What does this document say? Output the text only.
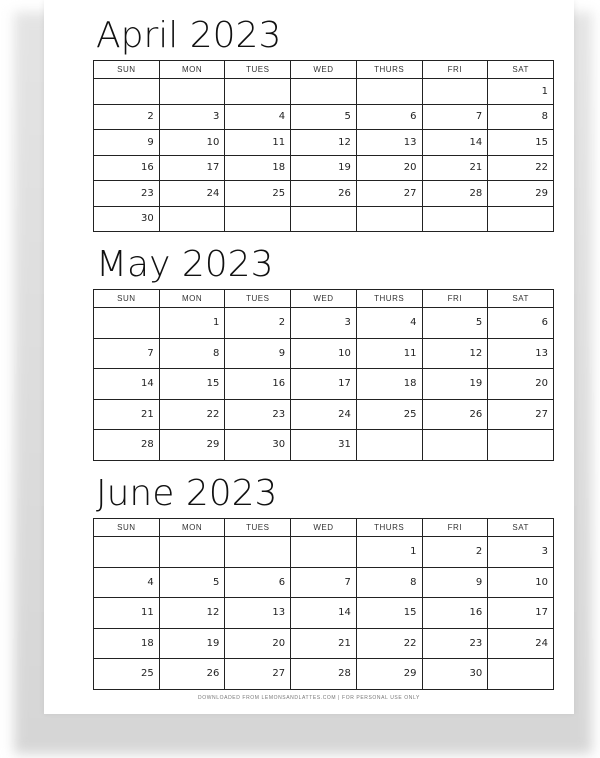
April 2023
SUN	MON	TUES	WED	THURS	FRI	SAT
						1
2	3	4	5	6	7	8
9	10	11	12	13	14	15
16	17	18	19	20	21	22
23	24	25	26	27	28	29
30						
May 2023
SUN	MON	TUES	WED	THURS	FRI	SAT
	1	2	3	4	5	6
7	8	9	10	11	12	13
14	15	16	17	18	19	20
21	22	23	24	25	26	27
28	29	30	31			
June 2023
SUN	MON	TUES	WED	THURS	FRI	SAT
				1	2	3
4	5	6	7	8	9	10
11	12	13	14	15	16	17
18	19	20	21	22	23	24
25	26	27	28	29	30	
DOWNLOADED FROM LEMONSANDLATTES.COM | FOR PERSONAL USE ONLY
